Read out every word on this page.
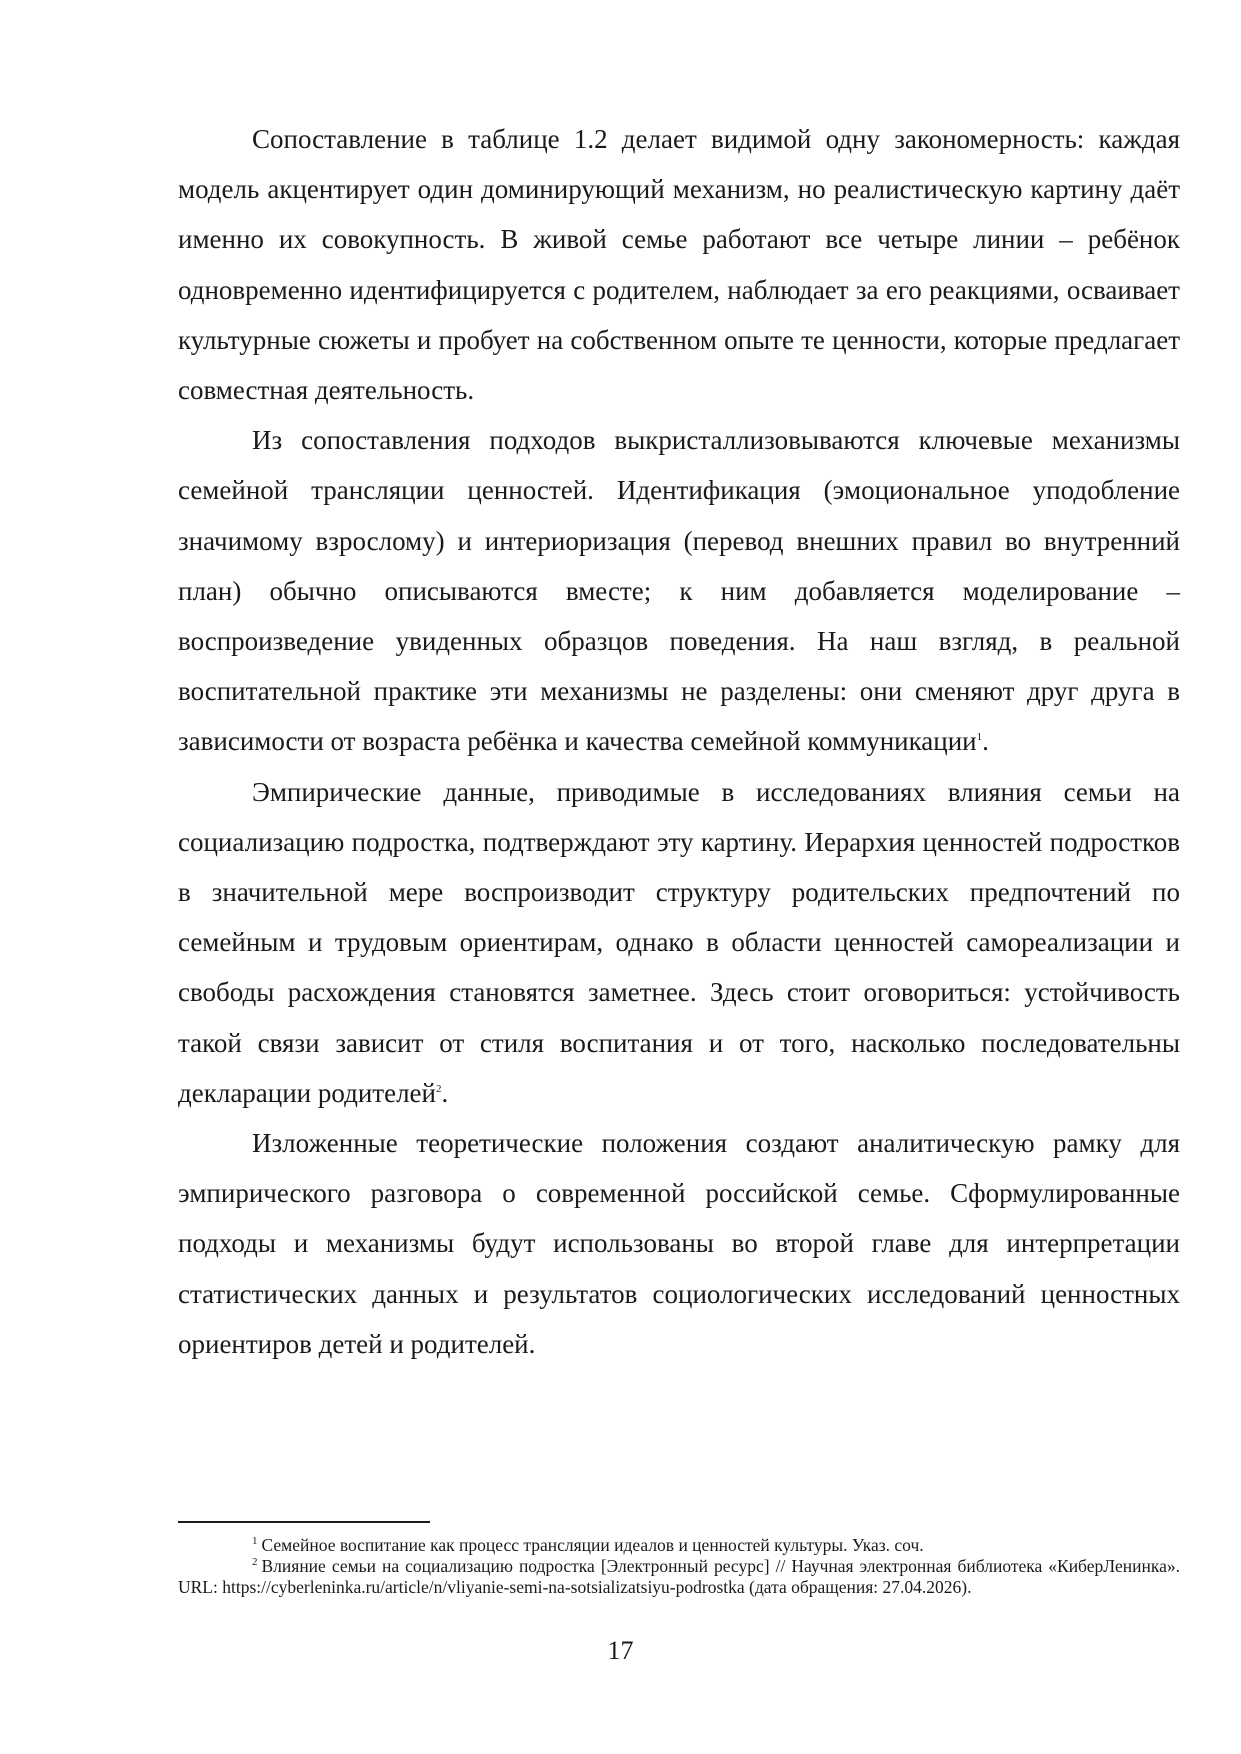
Сопоставление в таблице 1.2 делает видимой одну закономерность: каждая модель акцентирует один доминирующий механизм, но реалистическую картину даёт именно их совокупность. В живой семье работают все четыре линии – ребёнок одновременно идентифицируется с родителем, наблюдает за его реакциями, осваивает культурные сюжеты и пробует на собственном опыте те ценности, которые предлагает совместная деятельность.

Из сопоставления подходов выкристаллизовываются ключевые механизмы семейной трансляции ценностей. Идентификация (эмоциональное уподобление значимому взрослому) и интериоризация (перевод внешних правил во внутренний план) обычно описываются вместе; к ним добавляется моделирование – воспроизведение увиденных образцов поведения. На наш взгляд, в реальной воспитательной практике эти механизмы не разделены: они сменяют друг друга в зависимости от возраста ребёнка и качества семейной коммуникации$^1$.

Эмпирические данные, приводимые в исследованиях влияния семьи на социализацию подростка, подтверждают эту картину. Иерархия ценностей подростков в значительной мере воспроизводит структуру родительских предпочтений по семейным и трудовым ориентирам, однако в области ценностей самореализации и свободы расхождения становятся заметнее. Здесь стоит оговориться: устойчивость такой связи зависит от стиля воспитания и от того, насколько последовательны декларации родителей$^2$.

Изложенные теоретические положения создают аналитическую рамку для эмпирического разговора о современной российской семье. Сформулированные подходы и механизмы будут использованы во второй главе для интерпретации статистических данных и результатов социологических исследований ценностных ориентиров детей и родителей.

$^1$ Семейное воспитание как процесс трансляции идеалов и ценностей культуры. Указ. соч.

$^2$ Влияние семьи на социализацию подростка [Электронный ресурс] // Научная электронная библиотека «КиберЛенинка». URL: https://cyberleninka.ru/article/n/vliyanie-semi-na-sotsializatsiyu-podrostka (дата обращения: 27.04.2026).

17
